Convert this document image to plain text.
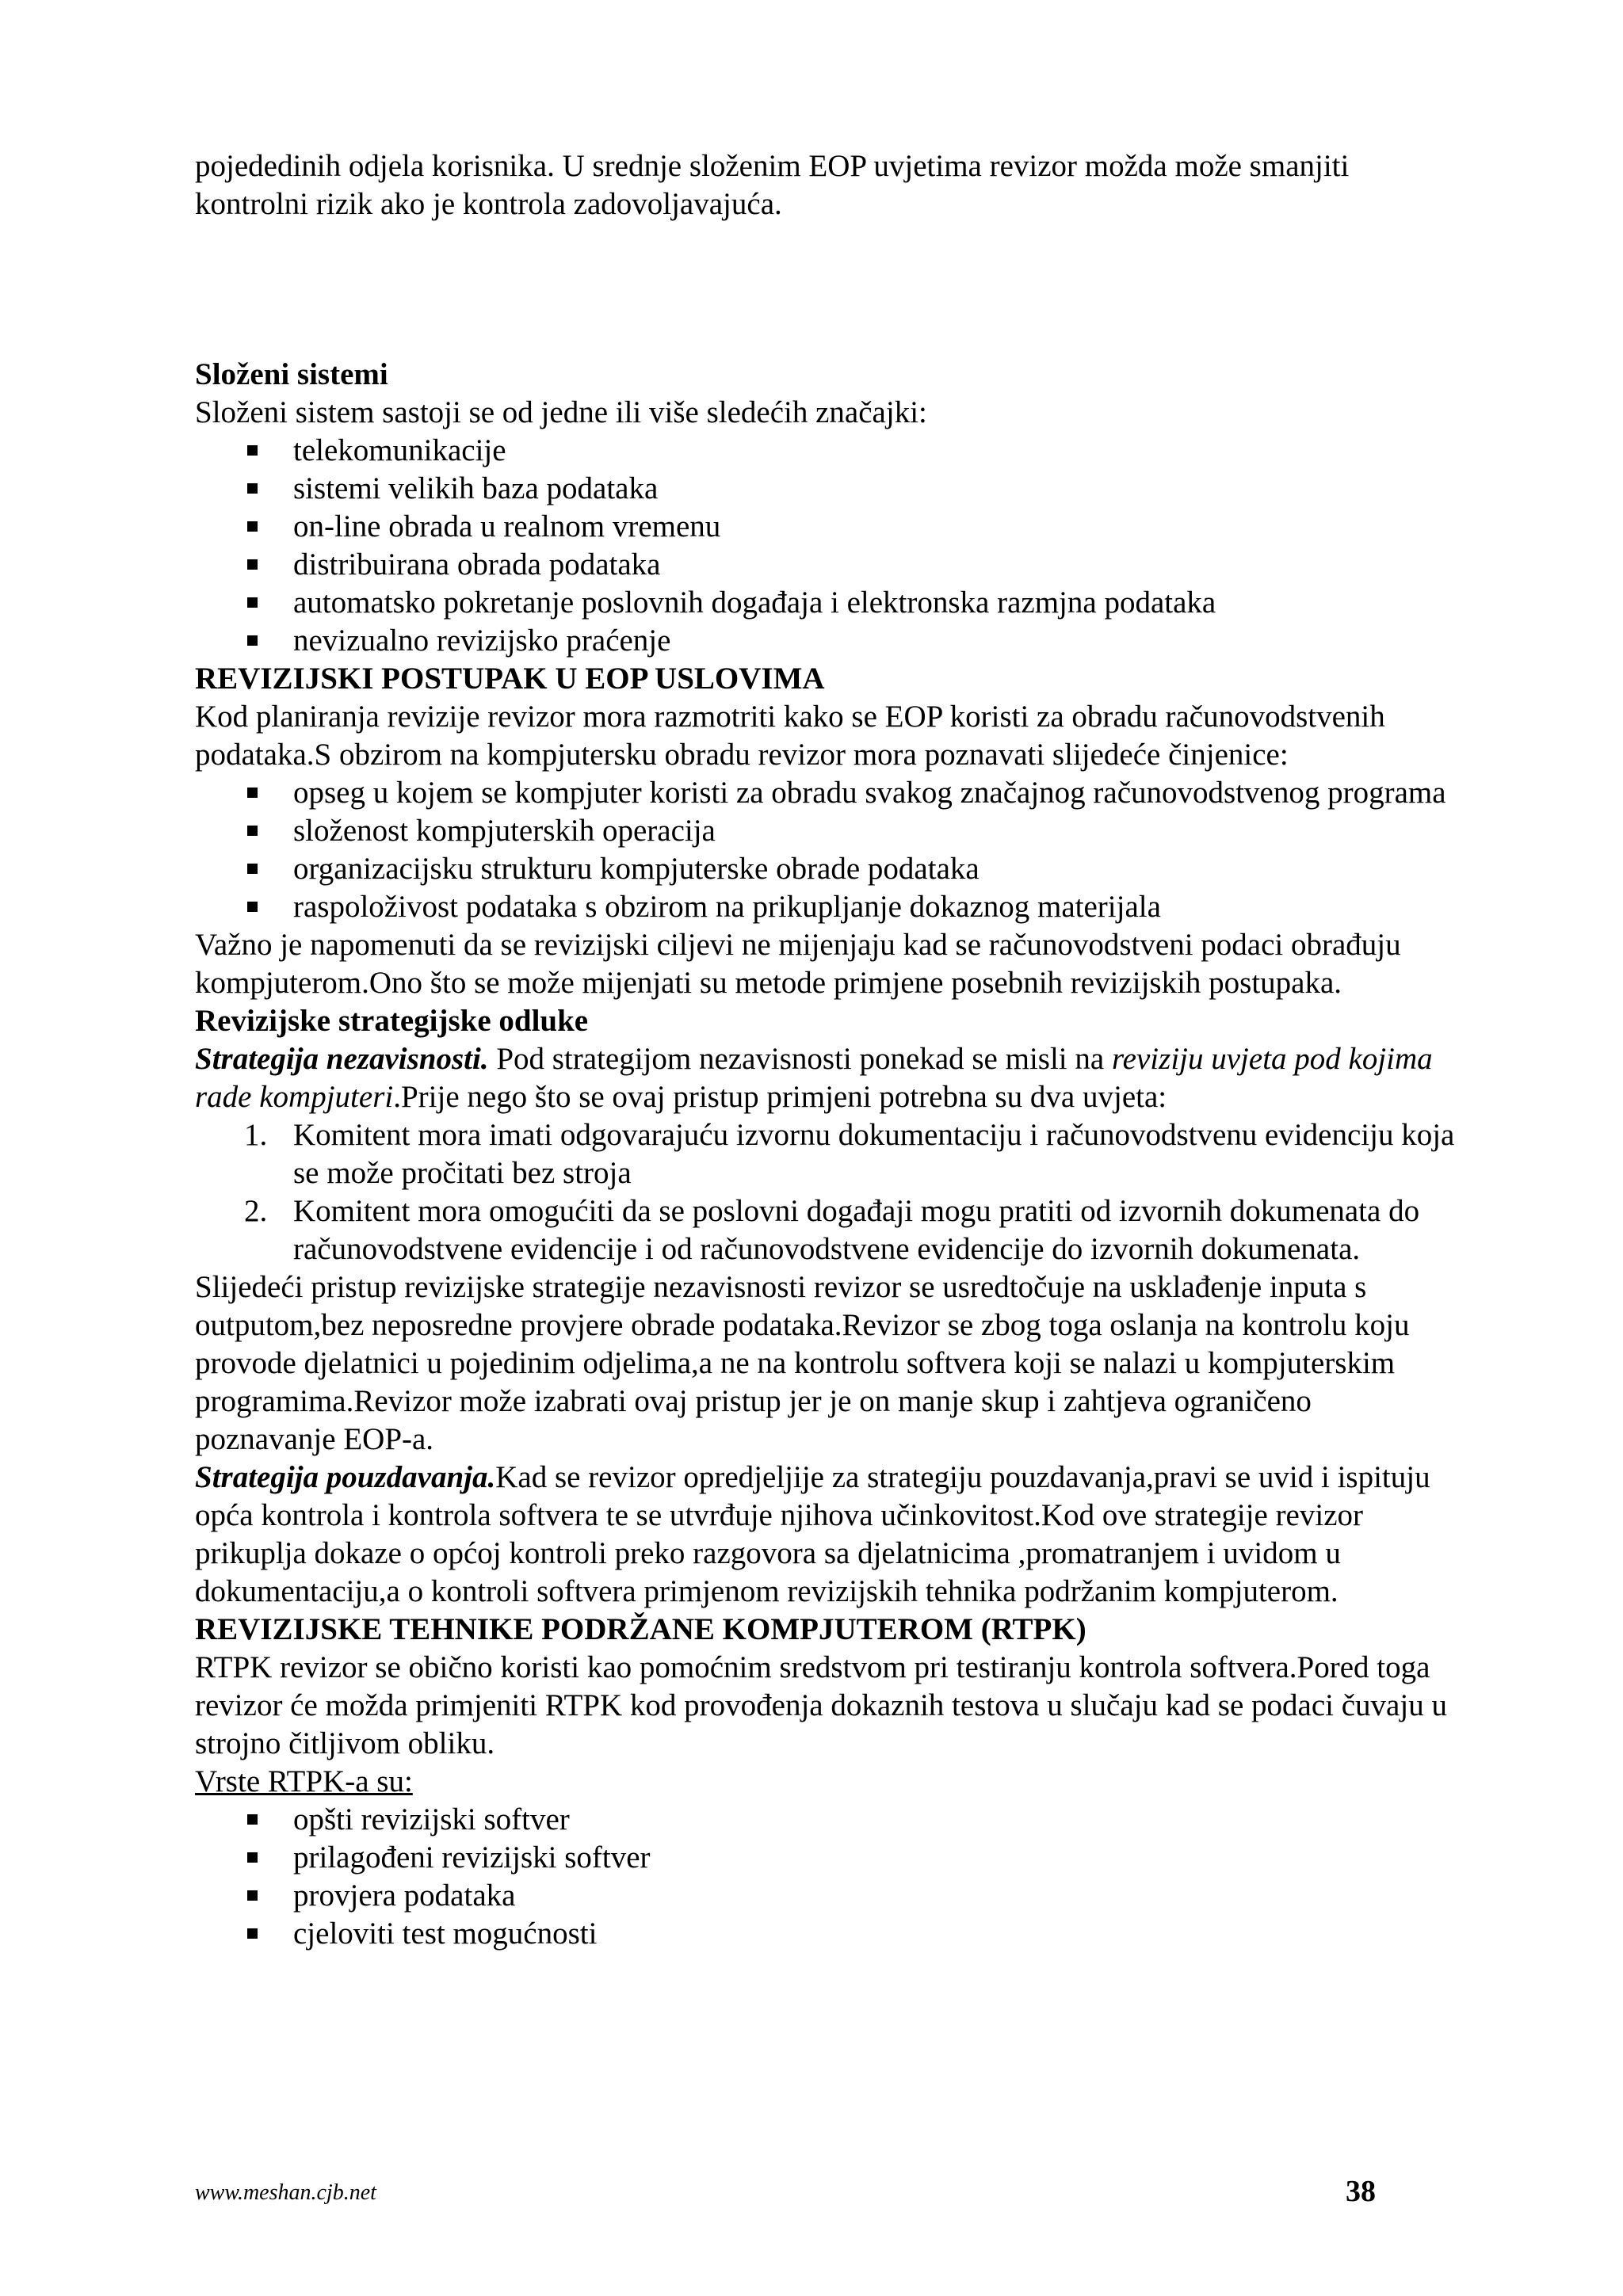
pojededinih odjela korisnika. U srednje složenim EOP uvjetima revizor možda može smanjiti kontrolni rizik ako je kontrola zadovoljavajuća.

Složeni sistemi

Složeni sistem sastoji se od jedne ili više sledećih značajki:

telekomunikacije
sistemi velikih baza podataka
on-line obrada u realnom vremenu
distribuirana obrada podataka
automatsko pokretanje poslovnih događaja i elektronska razmjna podataka
nevizualno revizijsko praćenje

REVIZIJSKI POSTUPAK U EOP USLOVIMA

Kod planiranja revizije revizor mora razmotriti kako se EOP koristi za obradu računovodstvenih podataka.S obzirom na kompjutersku obradu revizor mora poznavati slijedeće činjenice:

opseg u kojem se kompjuter koristi za obradu svakog značajnog računovodstvenog programa
složenost kompjuterskih operacija
organizacijsku strukturu kompjuterske obrade podataka
raspoloživost podataka s obzirom na prikupljanje dokaznog materijala

Važno je napomenuti da se revizijski ciljevi ne mijenjaju kad se računovodstveni podaci obrađuju kompjuterom.Ono što se može mijenjati su metode primjene posebnih revizijskih postupaka.

Revizijske strategijske odluke

Strategija nezavisnosti. Pod strategijom nezavisnosti ponekad se misli na reviziju uvjeta pod kojima rade kompjuteri.Prije nego što se ovaj pristup primjeni potrebna su dva uvjeta:

1. Komitent mora imati odgovarajuću izvornu dokumentaciju i računovodstvenu evidenciju koja se može pročitati bez stroja
2. Komitent mora omogućiti da se poslovni događaji mogu pratiti od izvornih dokumenata do računovodstvene evidencije i od računovodstvene evidencije do izvornih dokumenata.

Slijedeći pristup revizijske strategije nezavisnosti revizor se usredtočuje na usklađenje inputa s outputom,bez neposredne provjere obrade podataka.Revizor se zbog toga oslanja na kontrolu koju provode djelatnici u pojedinim odjelima,a ne na kontrolu softvera koji se nalazi u kompjuterskim programima.Revizor može izabrati ovaj pristup jer je on manje skup i zahtjeva ograničeno poznavanje EOP-a.

Strategija pouzdavanja.Kad se revizor opredjeljije za strategiju pouzdavanja,pravi se uvid i ispituju opća kontrola i kontrola softvera te se utvrđuje njihova učinkovitost.Kod ove strategije revizor prikuplja dokaze o općoj kontroli preko razgovora sa djelatnicima ,promatranjem i uvidom u dokumentaciju,a o kontroli softvera primjenom revizijskih tehnika podržanim kompjuterom.

REVIZIJSKE TEHNIKE PODRŽANE KOMPJUTEROM (RTPK)

RTPK revizor se obično koristi kao pomoćnim sredstvom pri testiranju kontrola softvera.Pored toga revizor će možda primjeniti RTPK kod provođenja dokaznih testova u slučaju kad se podaci čuvaju u strojno čitljivom obliku.

Vrste RTPK-a su:

opšti revizijski softver
prilagođeni revizijski softver
provjera podataka
cjeloviti test mogućnosti
www.meshan.cjb.net	38
